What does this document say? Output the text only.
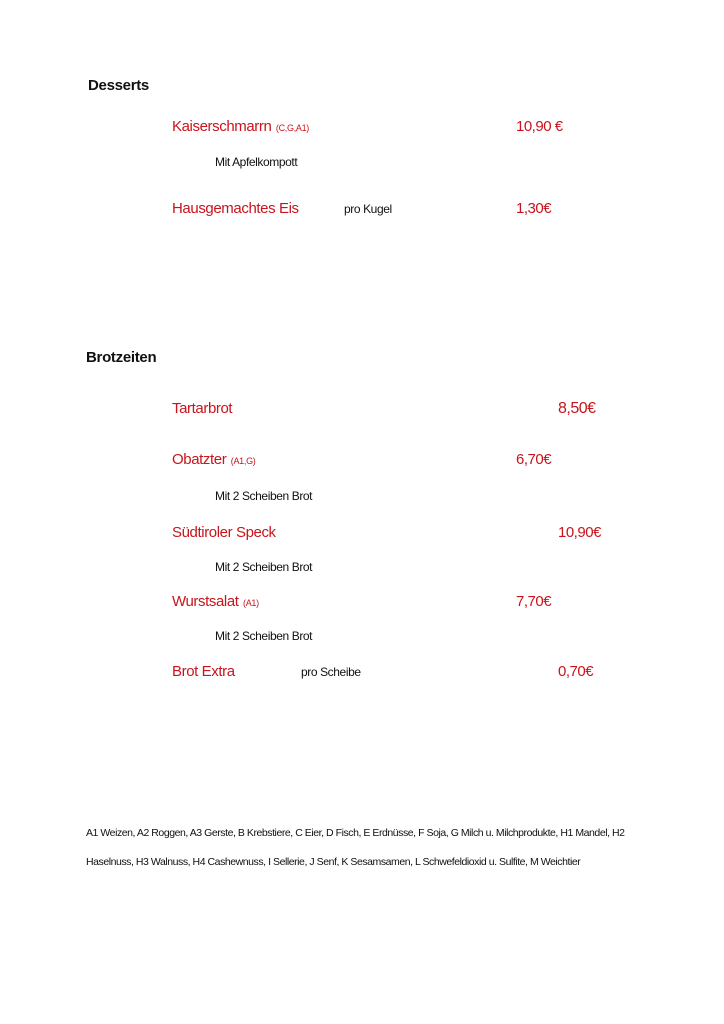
Desserts
Kaiserschmarrn (C,G,A1)	10,90 €
Mit Apfelkompott
Hausgemachtes Eis	pro Kugel	1,30€
Brotzeiten
Tartarbrot	8,50€
Obatzter (A1,G)	6,70€
Mit 2 Scheiben Brot
Südtiroler Speck	10,90€
Mit 2 Scheiben Brot
Wurstsalat (A1)	7,70€
Mit 2 Scheiben Brot
Brot Extra	pro Scheibe	0,70€
A1 Weizen, A2 Roggen, A3 Gerste, B Krebstiere, C Eier, D Fisch, E Erdnüsse, F Soja, G Milch u. Milchprodukte, H1 Mandel, H2
Haselnuss, H3 Walnuss, H4 Cashewnuss, I Sellerie, J Senf, K Sesamsamen, L Schwefeldioxid u. Sulfite, M Weichtier
